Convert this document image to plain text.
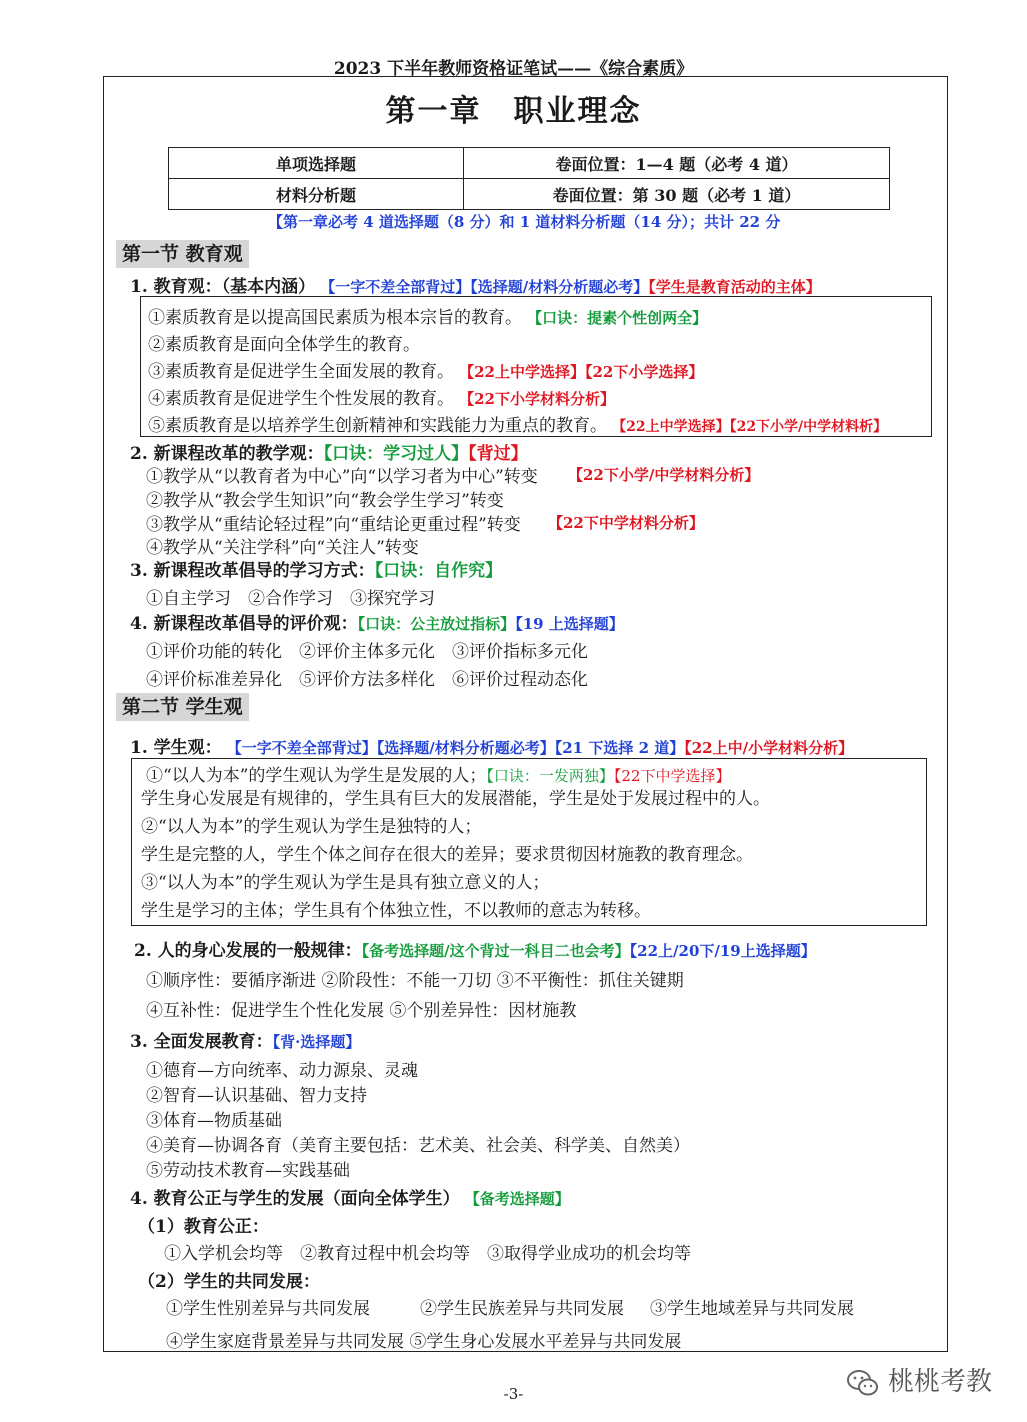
2023 下半年教师资格证笔试——《综合素质》
第一章　职业理念
单项选择题	卷面位置：1—4 题（必考 4 道）
材料分析题	卷面位置：第 30 题（必考 1 道）
【第一章必考 4 道选择题（8 分）和 1 道材料分析题（14 分）；共计 22 分
第一节 教育观
1. 教育观：（基本内涵） 【一字不差全部背过】【选择题/材料分析题必考】【学生是教育活动的主体】
①素质教育是以提高国民素质为根本宗旨的教育。 【口诀：提素个性创两全】
②素质教育是面向全体学生的教育。
③素质教育是促进学生全面发展的教育。 【22上中学选择】【22下小学选择】
④素质教育是促进学生个性发展的教育。 【22下小学材料分析】
⑤素质教育是以培养学生创新精神和实践能力为重点的教育。 【22上中学选择】【22下小学/中学材料析】
2. 新课程改革的教学观：【口诀：学习过人】【背过】
①教学从“以教育者为中心”向“以学习者为中心”转变 【22下小学/中学材料分析】
②教学从“教会学生知识”向“教会学生学习”转变
③教学从“重结论轻过程”向“重结论更重过程”转变 【22下中学材料分析】
④教学从“关注学科”向“关注人”转变
3. 新课程改革倡导的学习方式：【口诀：自作究】
①自主学习　②合作学习　③探究学习
4. 新课程改革倡导的评价观：【口诀：公主放过指标】【19 上选择题】
①评价功能的转化　②评价主体多元化　③评价指标多元化
④评价标准差异化　⑤评价方法多样化　⑥评价过程动态化
第二节 学生观
1. 学生观： 【一字不差全部背过】【选择题/材料分析题必考】【21 下选择 2 道】【22上中/小学材料分析】
①“以人为本”的学生观认为学生是发展的人；【口诀：一发两独】【22下中学选择】
学生身心发展是有规律的，学生具有巨大的发展潜能，学生是处于发展过程中的人。
②“以人为本”的学生观认为学生是独特的人；
学生是完整的人，学生个体之间存在很大的差异；要求贯彻因材施教的教育理念。
③“以人为本”的学生观认为学生是具有独立意义的人；
学生是学习的主体；学生具有个体独立性，不以教师的意志为转移。
2. 人的身心发展的一般规律：【备考选择题/这个背过一科目二也会考】【22上/20下/19上选择题】
①顺序性：要循序渐进 ②阶段性：不能一刀切 ③不平衡性：抓住关键期
④互补性：促进学生个性化发展 ⑤个别差异性：因材施教
3. 全面发展教育：【背·选择题】
①德育—方向统率、动力源泉、灵魂
②智育—认识基础、智力支持
③体育—物质基础
④美育—协调各育（美育主要包括：艺术美、社会美、科学美、自然美）
⑤劳动技术教育—实践基础
4. 教育公正与学生的发展（面向全体学生） 【备考选择题】
（1）教育公正：
①入学机会均等　②教育过程中机会均等　③取得学业成功的机会均等
（2）学生的共同发展：
①学生性别差异与共同发展	②学生民族差异与共同发展 ③学生地域差异与共同发展
④学生家庭背景差异与共同发展 ⑤学生身心发展水平差异与共同发展
-3-	桃桃考教
